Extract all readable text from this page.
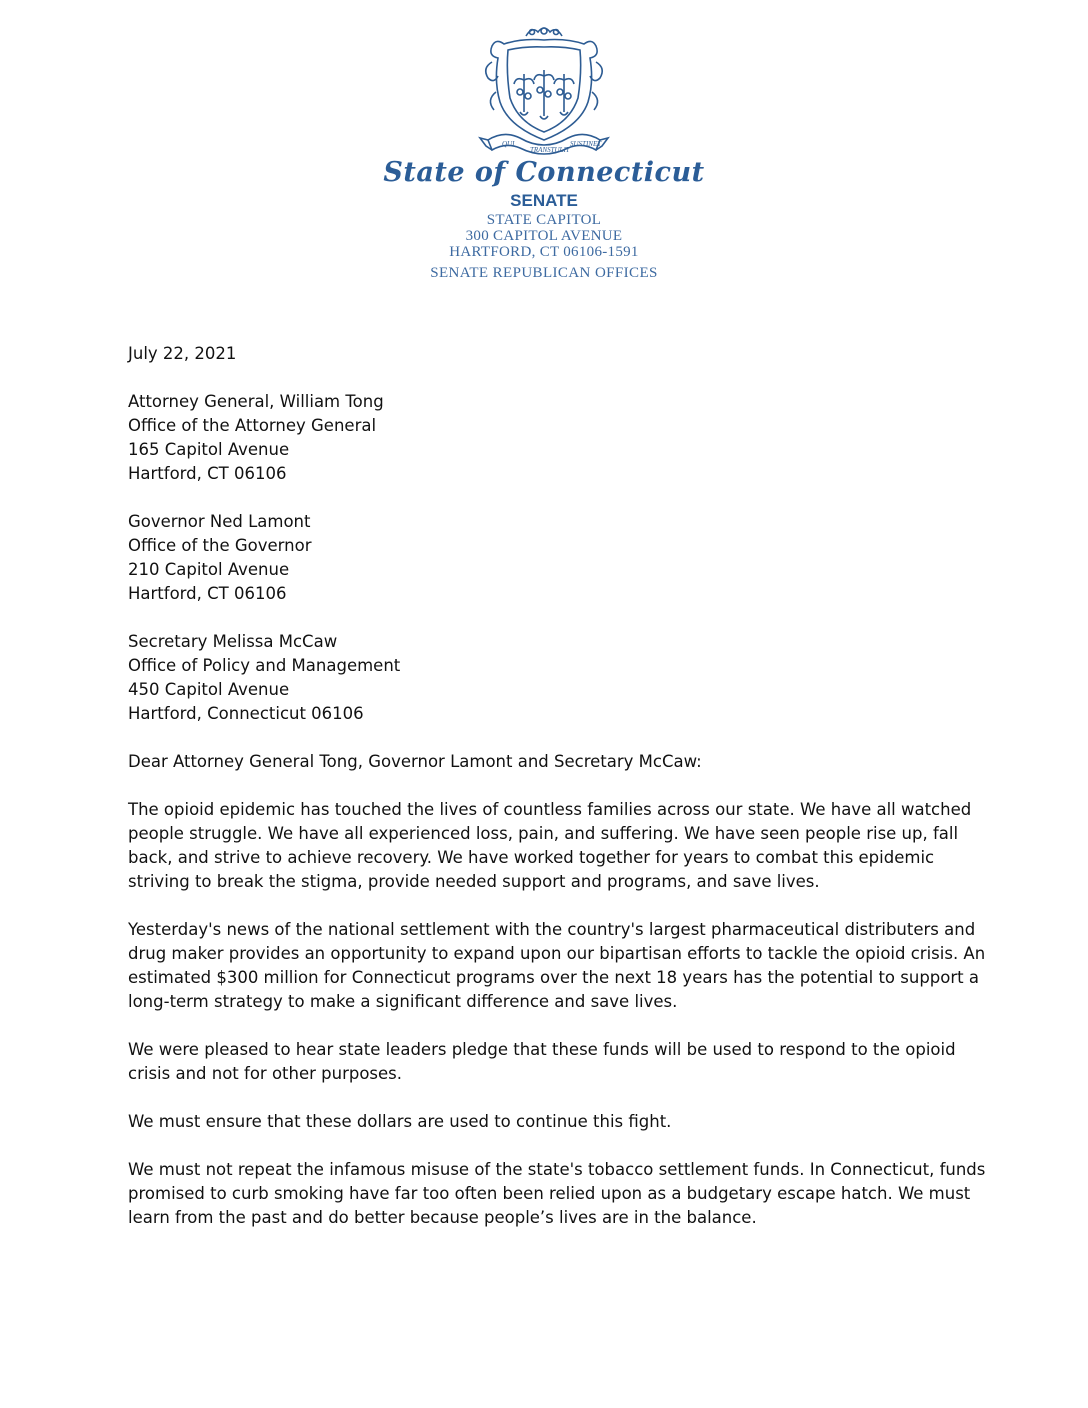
QUI
TRANSTULIT
SUSTINET
State of Connecticut
SENATE
STATE CAPITOL
300 CAPITOL AVENUE
HARTFORD, CT 06106-1591
SENATE REPUBLICAN OFFICES
July 22, 2021
Attorney General, William Tong
Office of the Attorney General
165 Capitol Avenue
Hartford, CT 06106
Governor Ned Lamont
Office of the Governor
210 Capitol Avenue
Hartford, CT 06106
Secretary Melissa McCaw
Office of Policy and Management
450 Capitol Avenue
Hartford, Connecticut 06106
Dear Attorney General Tong, Governor Lamont and Secretary McCaw:
The opioid epidemic has touched the lives of countless families across our state. We have all watched
people struggle. We have all experienced loss, pain, and suffering. We have seen people rise up, fall
back, and strive to achieve recovery. We have worked together for years to combat this epidemic
striving to break the stigma, provide needed support and programs, and save lives.
Yesterday's news of the national settlement with the country's largest pharmaceutical distributers and
drug maker provides an opportunity to expand upon our bipartisan efforts to tackle the opioid crisis. An
estimated $300 million for Connecticut programs over the next 18 years has the potential to support a
long-term strategy to make a significant difference and save lives.
We were pleased to hear state leaders pledge that these funds will be used to respond to the opioid
crisis and not for other purposes.
We must ensure that these dollars are used to continue this fight.
We must not repeat the infamous misuse of the state's tobacco settlement funds. In Connecticut, funds
promised to curb smoking have far too often been relied upon as a budgetary escape hatch. We must
learn from the past and do better because people’s lives are in the balance.
